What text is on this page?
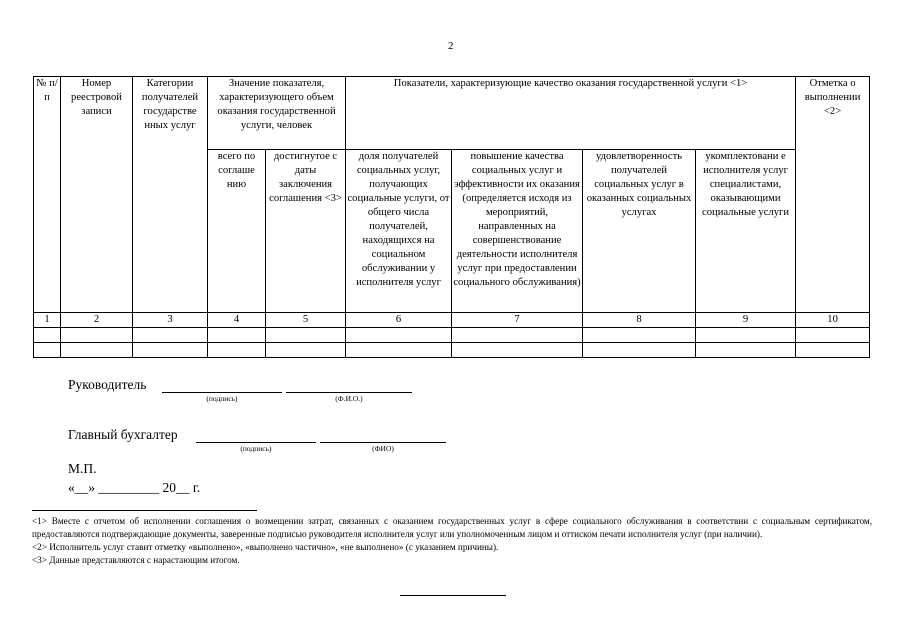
2
№ п/п	Номер реестровой записи	Категории получателей государстве нных услуг	Значение показателя, характеризующего объем оказания государственной услуги, человек		Показатели, характеризующие качество оказания государственной услуги <1>				Отметка о выполнении <2>
			всего по соглаше нию	достигнутое с даты заключения соглашения <3>	доля получателей социальных услуг, получающих социальные услуги, от общего числа получателей, находящихся на социальном обслуживании у исполнителя услуг	повышение качества социальных услуг и эффективности их оказания (определяется исходя из мероприятий, направленных на совершенствование деятельности исполнителя услуг при предоставлении социального обслуживания)	удовлетворенность получателей социальных услуг в оказанных социальных услугах	укомплектовани е исполнителя услуг специалистами, оказывающими социальные услуги	
1	2	3	4	5	6	7	8	9	10

Руководитель
(подпись)	(Ф.И.О.)
Главный бухгалтер
(подпись)	(ФИО)
М.П.
«__» _________ 20__ г.

<1> Вместе с отчетом об исполнении соглашения о возмещении затрат, связанных с оказанием государственных услуг в сфере социального обслуживания в соответствии с социальным сертификатом, предоставляются подтверждающие документы, заверенные подписью руководителя исполнителя услуг или уполномоченным лицом и оттиском печати исполнителя услуг (при наличии).

<2> Исполнитель услуг ставит отметку «выполнено», «выполнено частично», «не выполнено» (с указанием причины).

<3> Данные представляются с нарастающим итогом.
